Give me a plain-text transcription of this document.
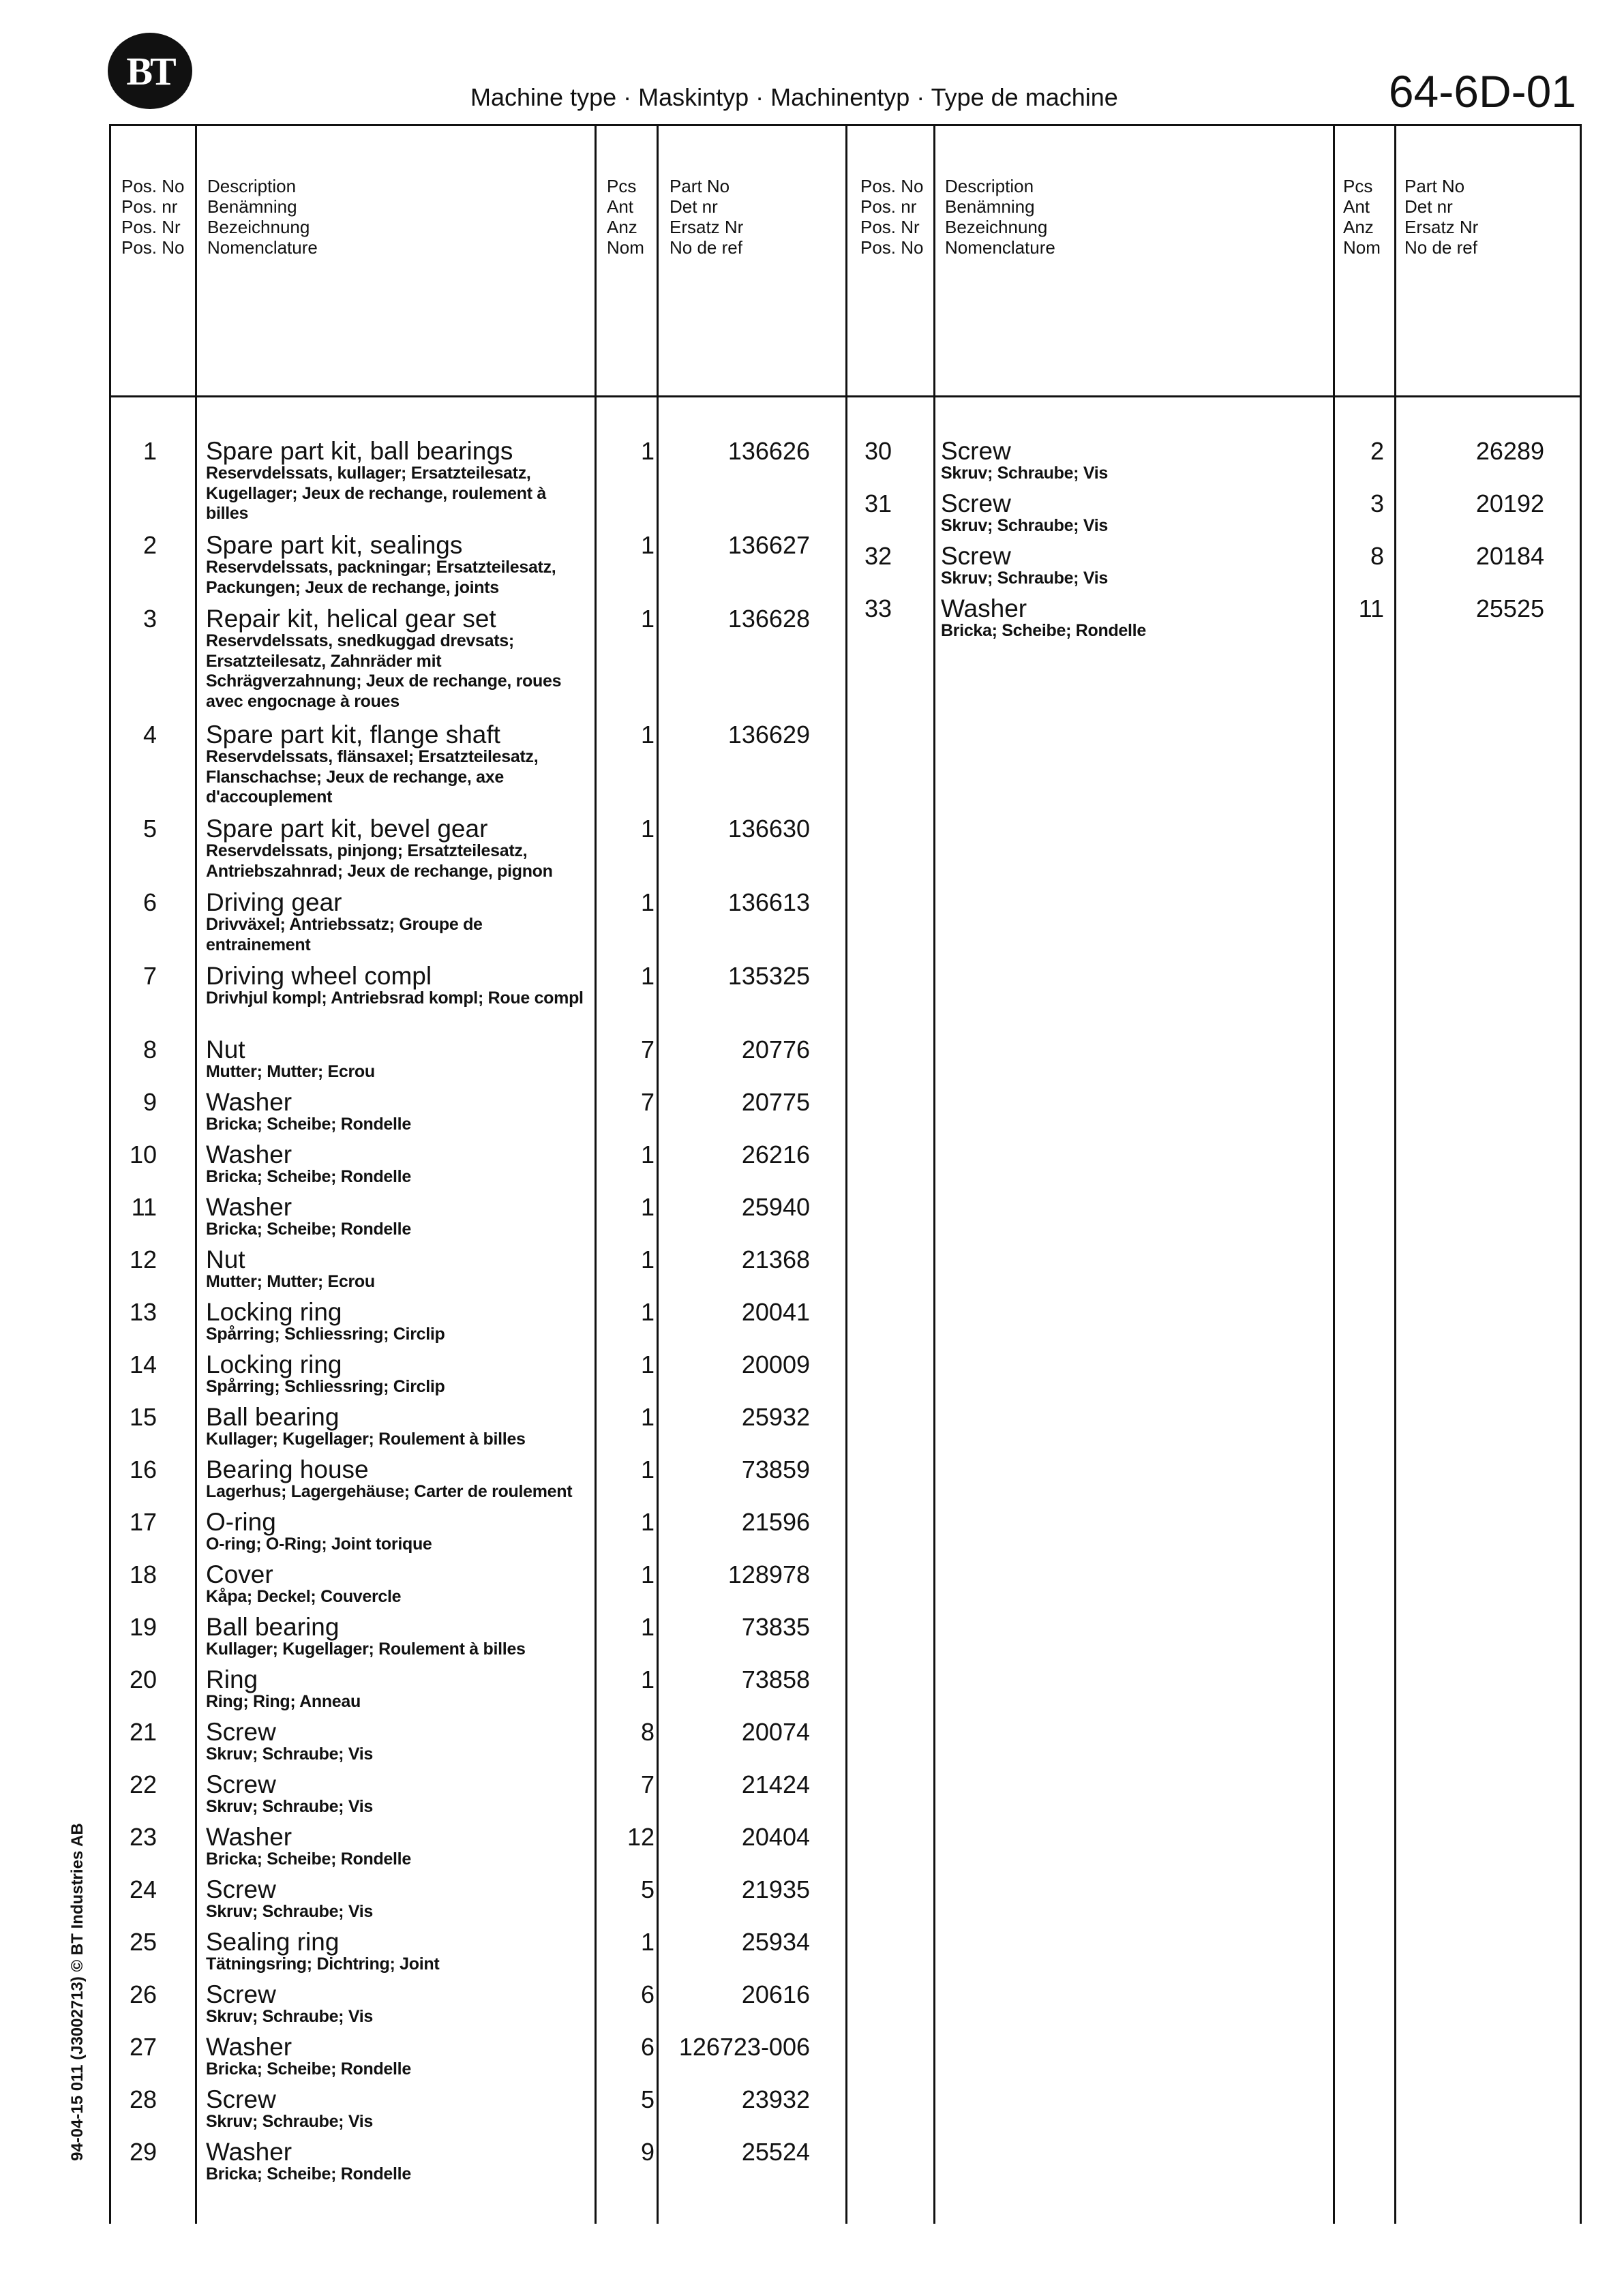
BT
Machine type · Maskintyp · Machinentyp · Type de machine	64-6D-01
Pos. No
Pos. nr
Pos. Nr
Pos. No
Description
Benämning
Bezeichnung
Nomenclature
Pcs
Ant
Anz
Nom
Part No
Det nr
Ersatz Nr
No de ref
Pos. No
Pos. nr
Pos. Nr
Pos. No
Description
Benämning
Bezeichnung
Nomenclature
Pcs
Ant
Anz
Nom
Part No
Det nr
Ersatz Nr
No de ref
1 Spare part kit, ball bearings
Reservdelssats, kullager; Ersatzteilesatz, Kugellager; Jeux de rechange, roulement à billes
1	136626
2 Spare part kit, sealings
Reservdelssats, packningar; Ersatzteilesatz, Packungen; Jeux de rechange, joints
1	136627
3 Repair kit, helical gear set
Reservdelssats, snedkuggad drevsats; Ersatzteilesatz, Zahnräder mit Schrägverzahnung; Jeux de rechange, roues avec engocnage à roues
1	136628
4 Spare part kit, flange shaft
Reservdelssats, flänsaxel; Ersatzteilesatz, Flanschachse; Jeux de rechange, axe d'accouplement
1	136629
5 Spare part kit, bevel gear
Reservdelssats, pinjong; Ersatzteilesatz, Antriebszahnrad; Jeux de rechange, pignon
1	136630
6 Driving gear
Drivväxel; Antriebssatz; Groupe de entrainement
1	136613
7 Driving wheel compl
Drivhjul kompl; Antriebsrad kompl; Roue compl
1	135325
8 Nut
Mutter; Mutter; Ecrou
7	20776
9 Washer
Bricka; Scheibe; Rondelle
7	20775
10 Washer
Bricka; Scheibe; Rondelle
1	26216
11 Washer
Bricka; Scheibe; Rondelle
1	25940
12 Nut
Mutter; Mutter; Ecrou
1	21368
13 Locking ring
Spårring; Schliessring; Circlip
1	20041
14 Locking ring
Spårring; Schliessring; Circlip
1	20009
15 Ball bearing
Kullager; Kugellager; Roulement à billes
1	25932
16 Bearing house
Lagerhus; Lagergehäuse; Carter de roulement
1	73859
17 O-ring
O-ring; O-Ring; Joint torique
1	21596
18 Cover
Kåpa; Deckel; Couvercle
1	128978
19 Ball bearing
Kullager; Kugellager; Roulement à billes
1	73835
20 Ring
Ring; Ring; Anneau
1	73858
21 Screw
Skruv; Schraube; Vis
8	20074
22 Screw
Skruv; Schraube; Vis
7	21424
23 Washer
Bricka; Scheibe; Rondelle
12	20404
24 Screw
Skruv; Schraube; Vis
5	21935
25 Sealing ring
Tätningsring; Dichtring; Joint
1	25934
26 Screw
Skruv; Schraube; Vis
6	20616
27 Washer
Bricka; Scheibe; Rondelle
6 126723-006
28 Screw
Skruv; Schraube; Vis
5	23932
29 Washer
Bricka; Scheibe; Rondelle
9	25524
30 Screw
Skruv; Schraube; Vis
2	26289
31 Screw
Skruv; Schraube; Vis
3	20192
32 Screw
Skruv; Schraube; Vis
8	20184
33 Washer
Bricka; Scheibe; Rondelle
11	25525
94-04-15 011 (J3002713) © BT Industries AB
